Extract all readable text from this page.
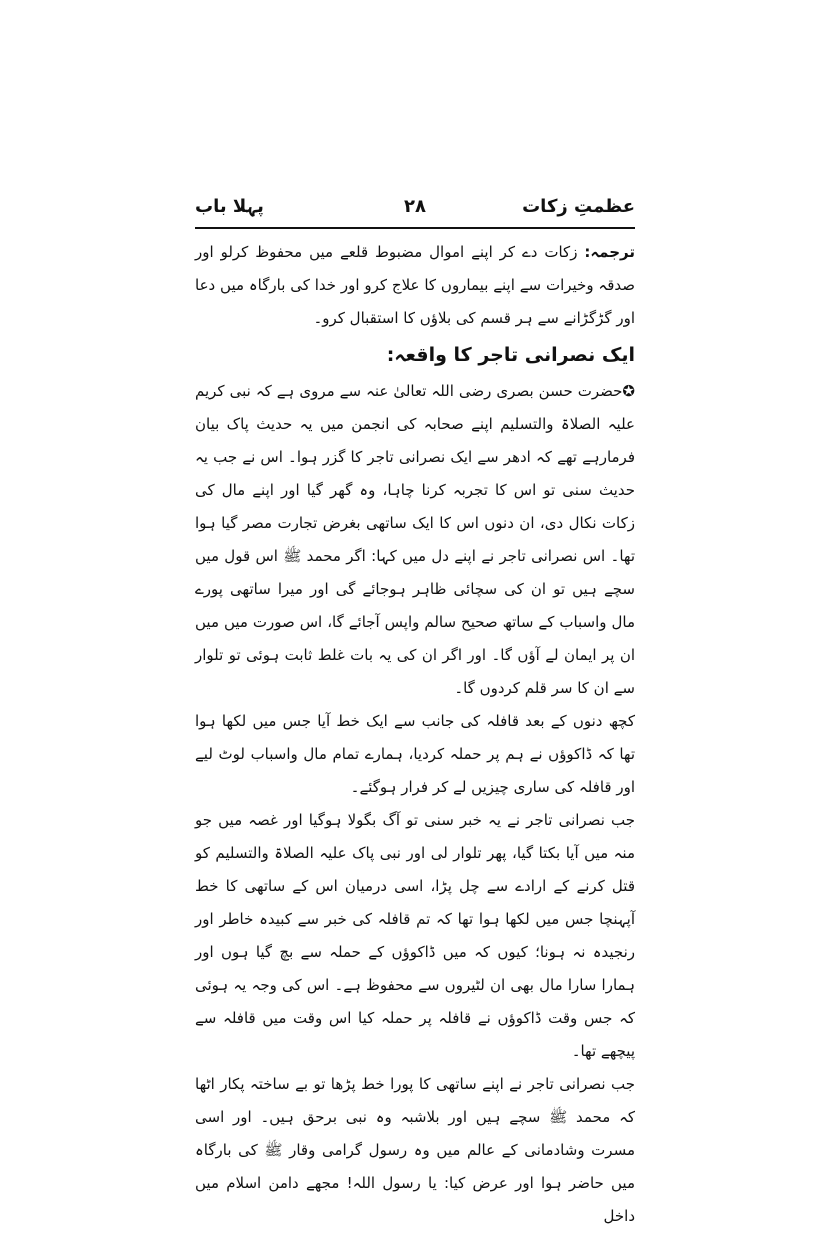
عظمتِ زکات
۲۸
پہلا باب

ترجمہ: زکات دے کر اپنے اموال مضبوط قلعے میں محفوظ کرلو اور صدقہ وخیرات سے اپنے بیماروں کا علاج کرو اور خدا کی بارگاہ میں دعا اور گڑگڑانے سے ہر قسم کی بلاؤں کا استقبال کرو۔

ایک نصرانی تاجر کا واقعہ:

✪حضرت حسن بصری رضی اللہ تعالیٰ عنہ سے مروی ہے کہ نبی کریم علیہ الصلاۃ والتسلیم اپنے صحابہ کی انجمن میں یہ حدیث پاک بیان فرمارہے تھے کہ ادھر سے ایک نصرانی تاجر کا گزر ہوا۔ اس نے جب یہ حدیث سنی تو اس کا تجربہ کرنا چاہا، وہ گھر گیا اور اپنے مال کی زکات نکال دی، ان دنوں اس کا ایک ساتھی بغرض تجارت مصر گیا ہوا تھا۔ اس نصرانی تاجر نے اپنے دل میں کہا: اگر محمد ﷺ اس قول میں سچے ہیں تو ان کی سچائی ظاہر ہوجائے گی اور میرا ساتھی پورے مال واسباب کے ساتھ صحیح سالم واپس آجائے گا، اس صورت میں میں ان پر ایمان لے آؤں گا۔ اور اگر ان کی یہ بات غلط ثابت ہوئی تو تلوار سے ان کا سر قلم کردوں گا۔

کچھ دنوں کے بعد قافلہ کی جانب سے ایک خط آیا جس میں لکھا ہوا تھا کہ ڈاکوؤں نے ہم پر حملہ کردیا، ہمارے تمام مال واسباب لوٹ لیے اور قافلہ کی ساری چیزیں لے کر فرار ہوگئے۔

جب نصرانی تاجر نے یہ خبر سنی تو آگ بگولا ہوگیا اور غصہ میں جو منہ میں آیا بکتا گیا، پھر تلوار لی اور نبی پاک علیہ الصلاۃ والتسلیم کو قتل کرنے کے ارادے سے چل پڑا، اسی درمیان اس کے ساتھی کا خط آپہنچا جس میں لکھا ہوا تھا کہ تم قافلہ کی خبر سے کبیدہ خاطر اور رنجیدہ نہ ہونا؛ کیوں کہ میں ڈاکوؤں کے حملہ سے بچ گیا ہوں اور ہمارا سارا مال بھی ان لٹیروں سے محفوظ ہے۔ اس کی وجہ یہ ہوئی کہ جس وقت ڈاکوؤں نے قافلہ پر حملہ کیا اس وقت میں قافلہ سے پیچھے تھا۔

جب نصرانی تاجر نے اپنے ساتھی کا پورا خط پڑھا تو بے ساختہ پکار اٹھا کہ محمد ﷺ سچے ہیں اور بلاشبہ وہ نبی برحق ہیں۔ اور اسی مسرت وشادمانی کے عالم میں وہ رسول گرامی وقار ﷺ کی بارگاہ میں حاضر ہوا اور عرض کیا: یا رسول اللہ! مجھے دامن اسلام میں داخل
